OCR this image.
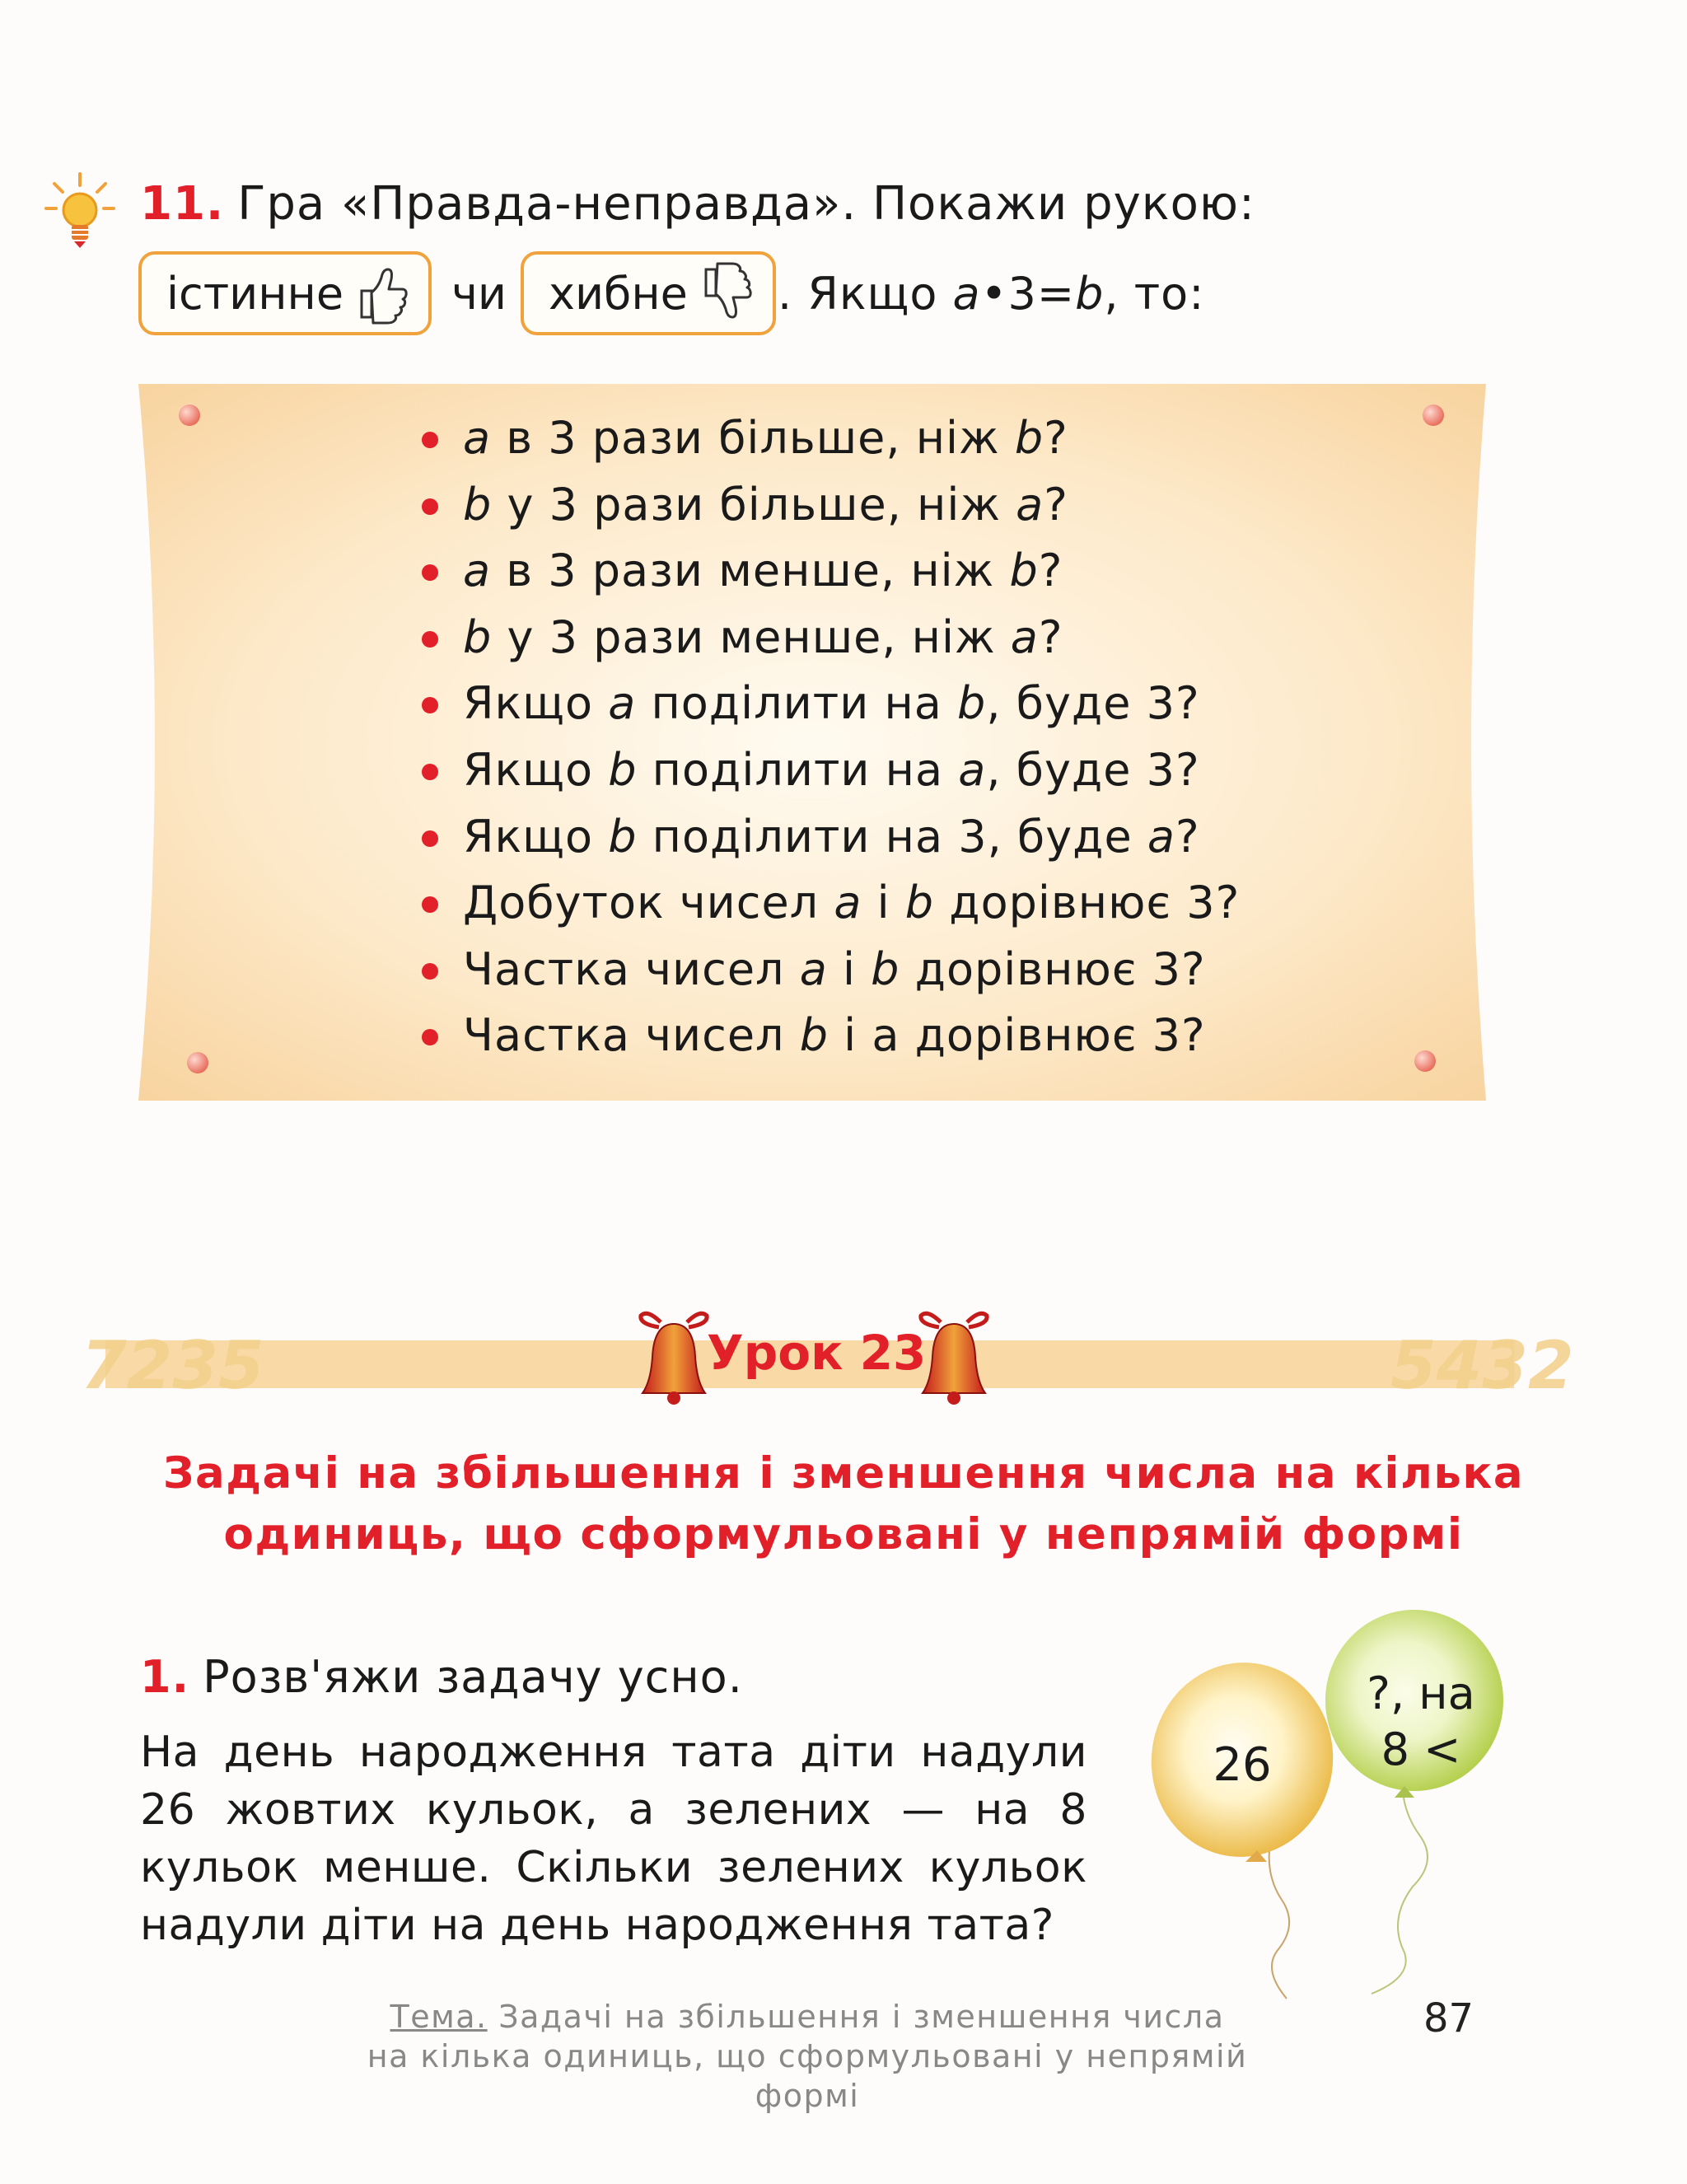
11. Гра «Правда-неправда». Покажи рукою:
істинне чи хибне . Якщо a•3=b, то:
a в 3 рази більше, ніж b?
b у 3 рази більше, ніж a?
a в 3 рази менше, ніж b?
b у 3 рази менше, ніж a?
Якщо a поділити на b, буде 3?
Якщо b поділити на a, буде 3?
Якщо b поділити на 3, буде a?
Добуток чисел a і b дорівнює 3?
Частка чисел a і b дорівнює 3?
Частка чисел b і а дорівнює 3?
7235	5432
Урок 23
Задачі на збільшення і зменшення числа на кілька
одиниць, що сформульовані у непрямій формі
1. Розв'яжи задачу усно.
На день народження тата діти надули 26 жовтих кульок, а зелених — на 8 кульок менше. Скільки зелених кульок надули діти на день народження тата?
26
?, на
8 <
Тема. Задачі на збільшення і зменшення числа
на кілька одиниць, що сформульовані у непрямій формі
87
